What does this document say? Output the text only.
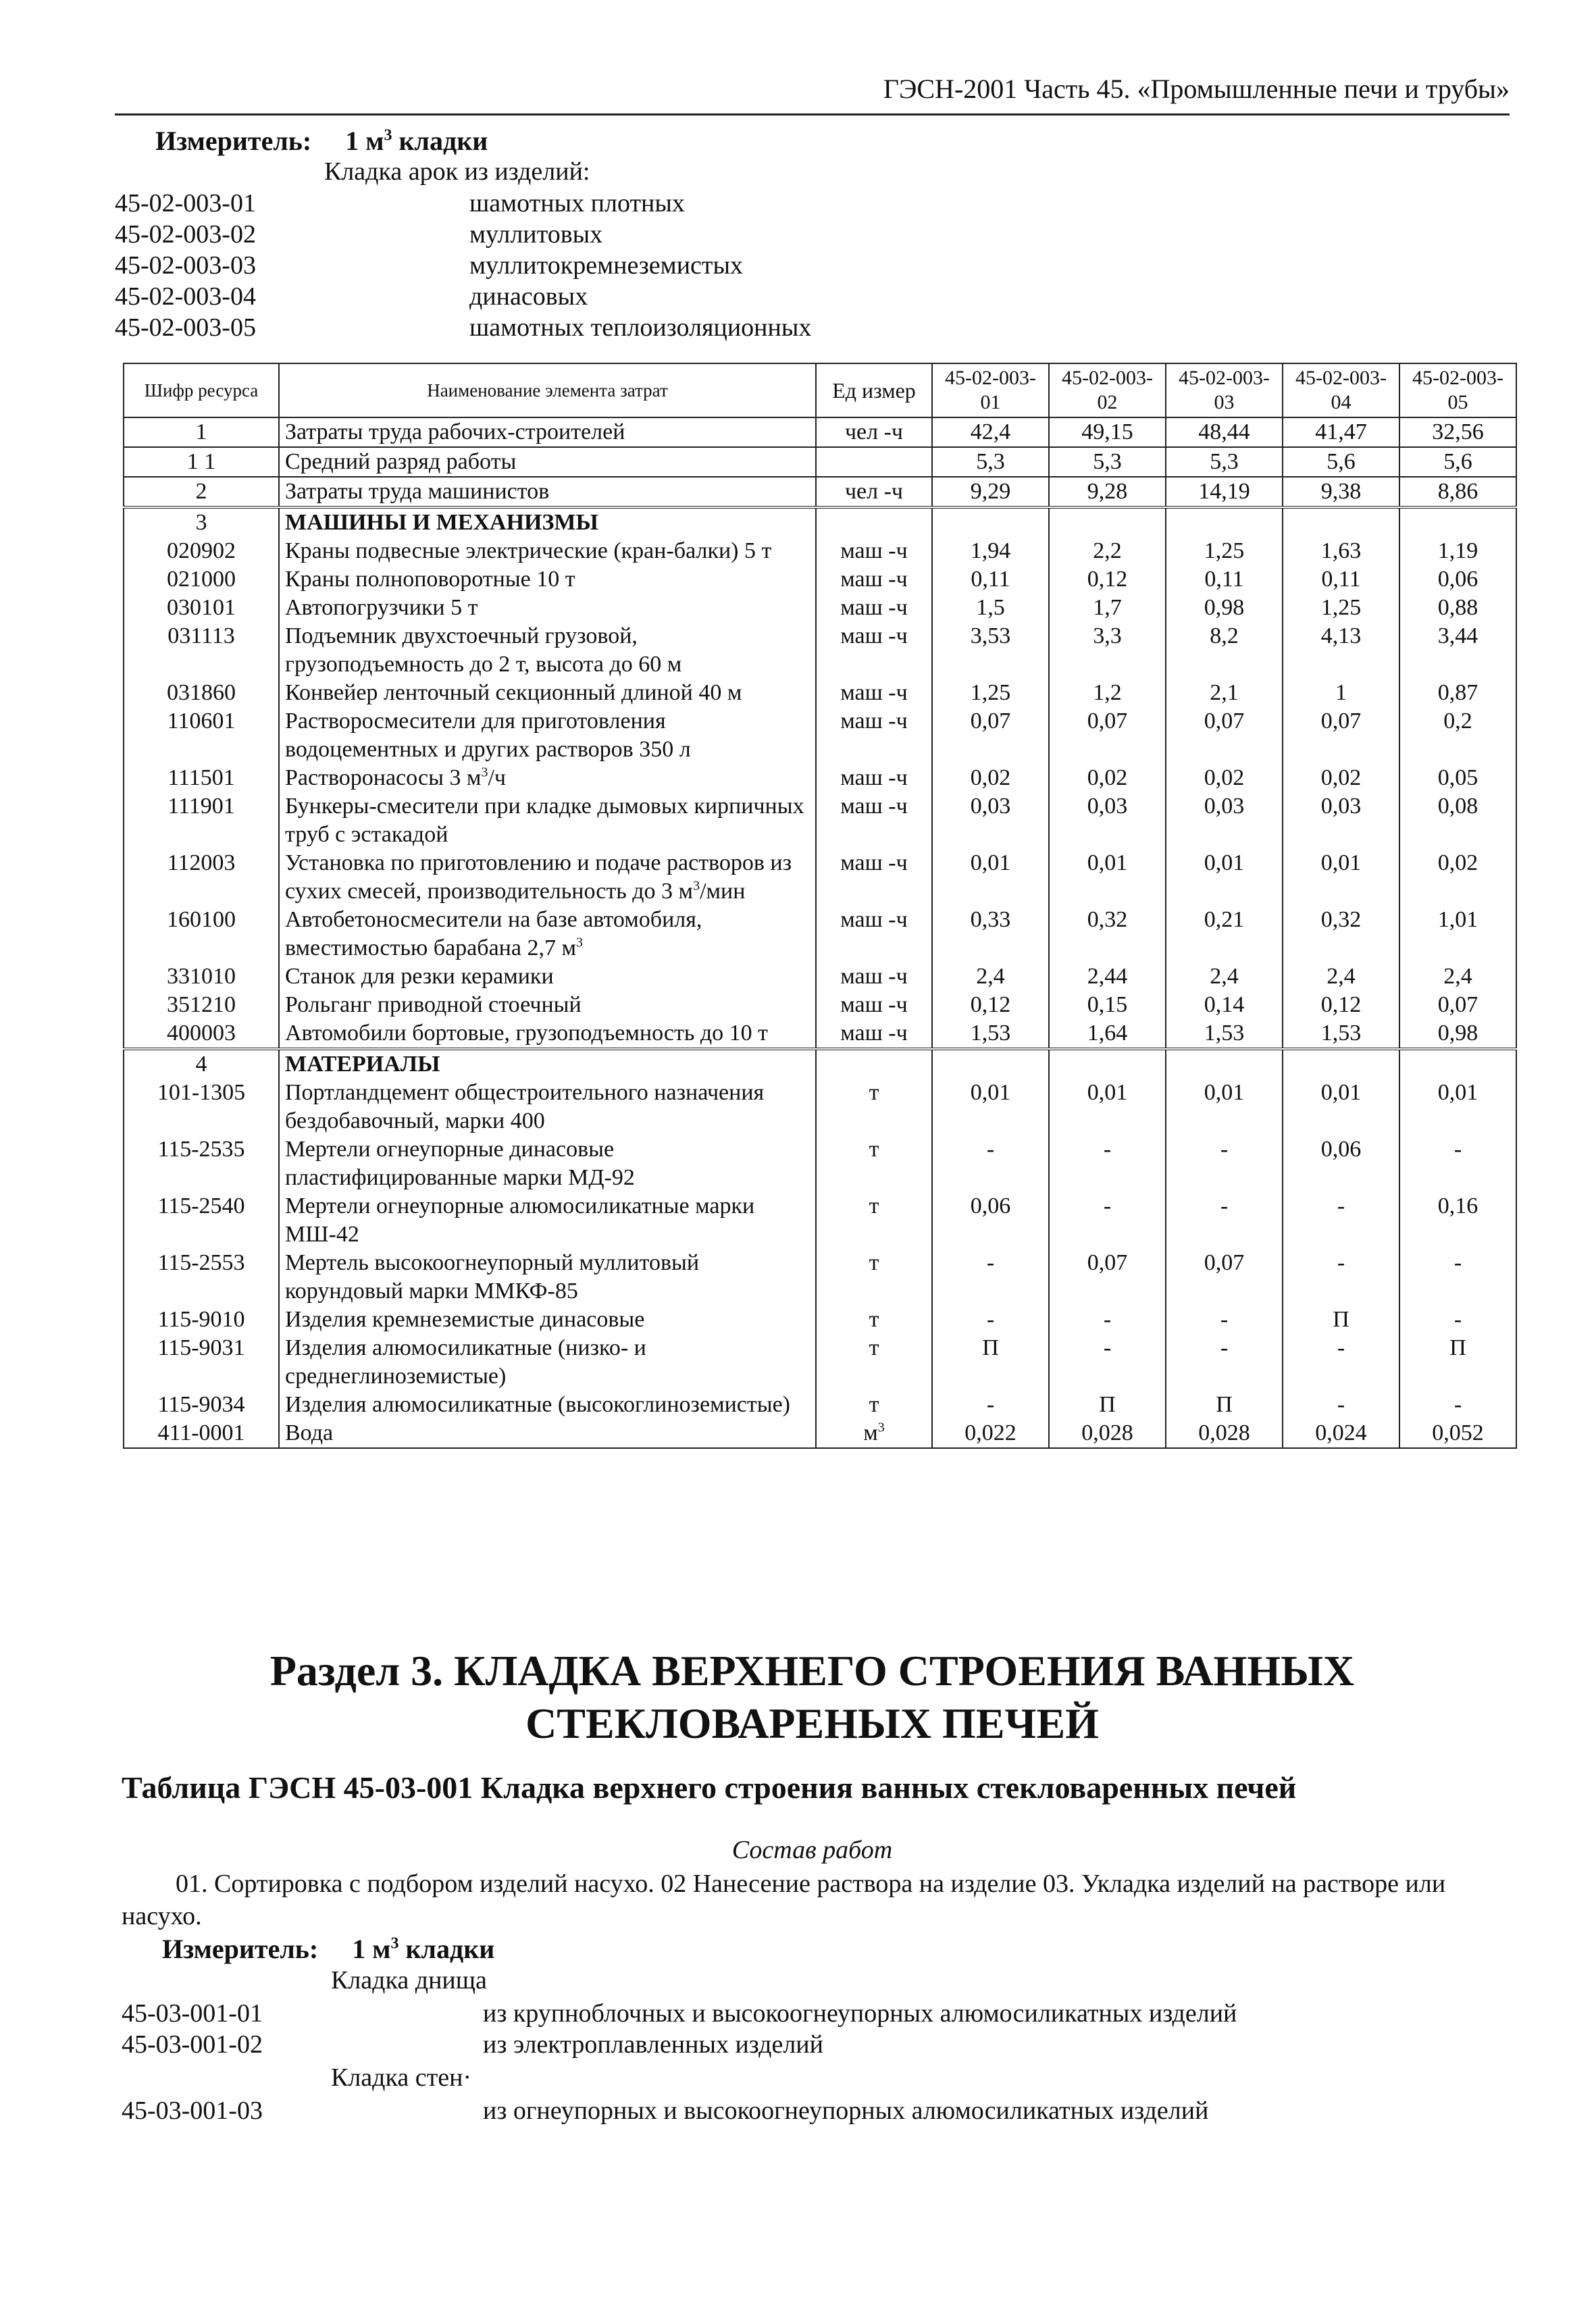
ГЭСН-2001 Часть 45. «Промышленные печи и трубы»
Измеритель: 1 $м^3$ кладки
Кладка арок из изделий:
45-02-003-01	шамотных плотных
45-02-003-02	муллитовых
45-02-003-03	муллитокремнеземистых
45-02-003-04	динасовых
45-02-003-05	шамотных теплоизоляционных
Шифр ресурса	Наименование элемента затрат	Ед измер	45-02-003-01	45-02-003-02	45-02-003-03	45-02-003-04	45-02-003-05
1	Затраты труда рабочих-строителей	чел -ч	42,4	49,15	48,44	41,47	32,56
1 1	Средний разряд работы		5,3	5,3	5,3	5,6	5,6
2	Затраты труда машинистов	чел -ч	9,29	9,28	14,19	9,38	8,86
3	МАШИНЫ И МЕХАНИЗМЫ						
020902	Краны подвесные электрические (кран-балки) 5 т	маш -ч	1,94	2,2	1,25	1,63	1,19
021000	Краны полноповоротные 10 т	маш -ч	0,11	0,12	0,11	0,11	0,06
030101	Автопогрузчики 5 т	маш -ч	1,5	1,7	0,98	1,25	0,88
031113	Подъемник двухстоечный грузовой, грузоподъемность до 2 т, высота до 60 м	маш -ч	3,53	3,3	8,2	4,13	3,44
031860	Конвейер ленточный секционный длиной 40 м	маш -ч	1,25	1,2	2,1	1	0,87
110601	Растворосмесители для приготовления водоцементных и других растворов 350 л	маш -ч	0,07	0,07	0,07	0,07	0,2
111501	Растворонасосы 3 $м^3/ч$	маш -ч	0,02	0,02	0,02	0,02	0,05
111901	Бункеры-смесители при кладке дымовых кирпичных труб с эстакадой	маш -ч	0,03	0,03	0,03	0,03	0,08
112003	Установка по приготовлению и подаче растворов из сухих смесей, производительность до 3 $м^3$/мин	маш -ч	0,01	0,01	0,01	0,01	0,02
160100	Автобетоносмесители на базе автомобиля, вместимостью барабана 2,7 $м^3$	маш -ч	0,33	0,32	0,21	0,32	1,01
331010	Станок для резки керамики	маш -ч	2,4	2,44	2,4	2,4	2,4
351210	Рольганг приводной стоечный	маш -ч	0,12	0,15	0,14	0,12	0,07
400003	Автомобили бортовые, грузоподъемность до 10 т	маш -ч	1,53	1,64	1,53	1,53	0,98
4	МАТЕРИАЛЫ						
101-1305	Портландцемент общестроительного назначения бездобавочный, марки 400	т	0,01	0,01	0,01	0,01	0,01
115-2535	Мертели огнеупорные динасовые пластифицированные марки МД-92	т	-	-	-	0,06	-
115-2540	Мертели огнеупорные алюмосиликатные марки МШ-42	т	0,06	-	-	-	0,16
115-2553	Мертель высокоогнеупорный муллитовый корундовый марки ММКФ-85	т	-	0,07	0,07	-	-
115-9010	Изделия кремнеземистые динасовые	т	-	-	-	П	-
115-9031	Изделия алюмосиликатные (низко- и среднеглиноземистые)	т	П	-	-	-	П
115-9034	Изделия алюмосиликатные (высокоглиноземистые)	т	-	П	П	-	-
411-0001	Вода	$м^3$	0,022	0,028	0,028	0,024	0,052
Раздел 3. КЛАДКА ВЕРХНЕГО СТРОЕНИЯ ВАННЫХ СТЕКЛОВАРЕНЫХ ПЕЧЕЙ
Таблица ГЭСН 45-03-001 Кладка верхнего строения ванных стекловаренных печей
Состав работ
01. Сортировка с подбором изделий насухо. 02 Нанесение раствора на изделие 03. Укладка изделий на растворе или насухо.
Измеритель: 1 $м^3$ кладки
Кладка днища
45-03-001-01	из крупноблочных и высокоогнеупорных алюмосиликатных изделий
45-03-001-02	из электроплавленных изделий
Кладка стен·
45-03-001-03	из огнеупорных и высокоогнеупорных алюмосиликатных изделий
